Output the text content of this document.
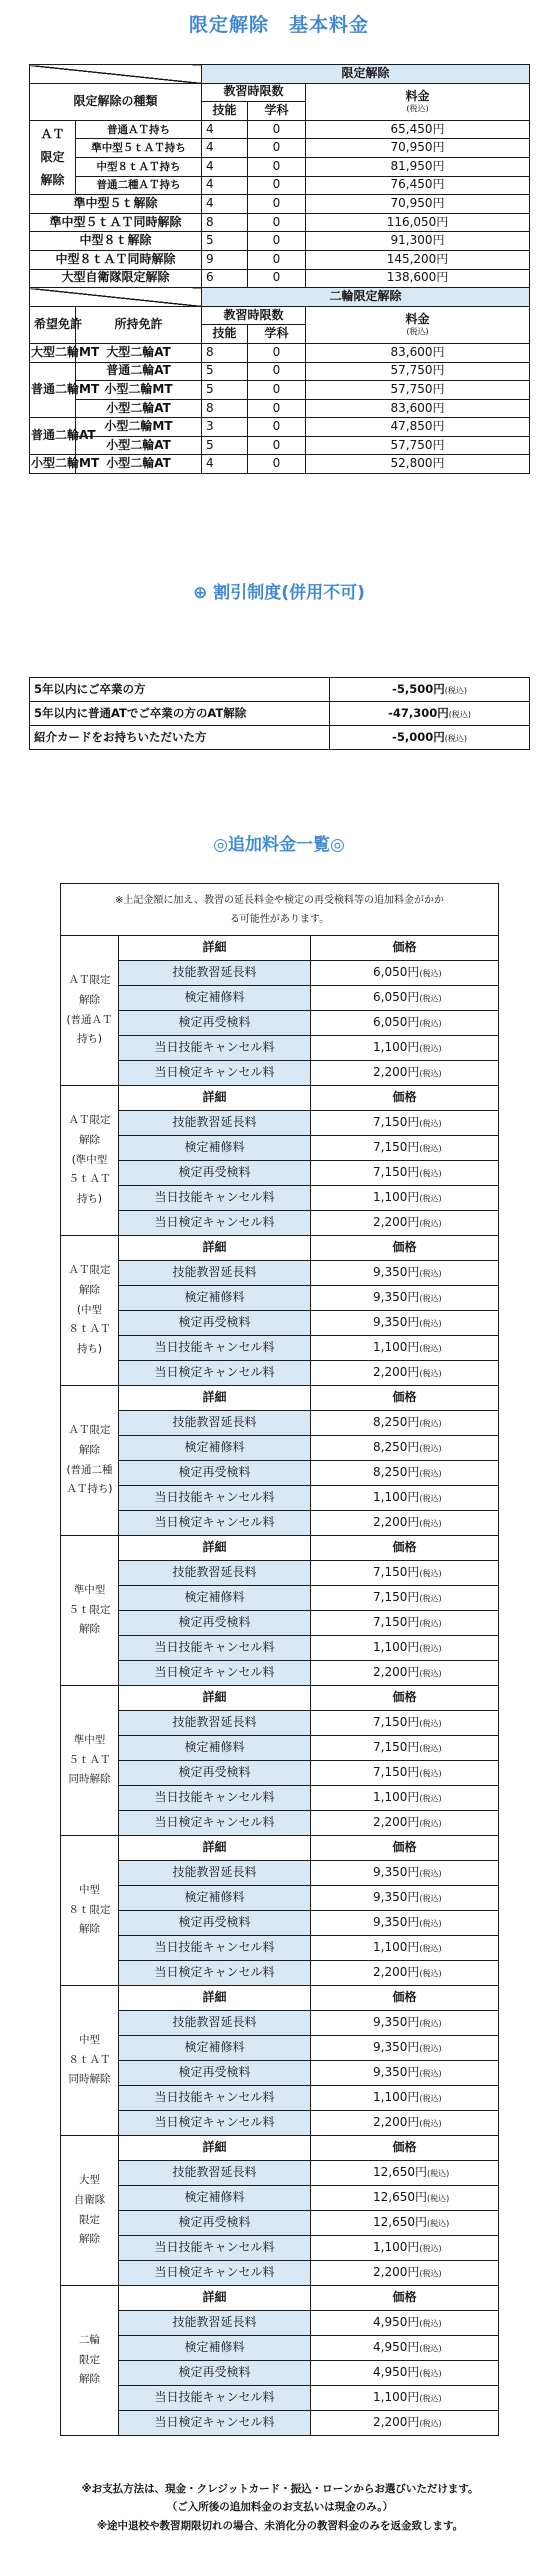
限定解除　基本料金
		限定解除		
限定解除の種類		教習時限数		料金
(税込)

		技能	学科	
ＡＴ
限定
解除	普通ＡＴ持ち	4	0	65,450円
	準中型５ｔＡＴ持ち	4	0	70,950円
	中型８ｔＡＴ持ち	4	0	81,950円
	普通二種ＡＴ持ち	4	0	76,450円
準中型５ｔ解除		4	0	70,950円
準中型５ｔＡＴ同時解除		8	0	116,050円
中型８ｔ解除		5	0	91,300円
中型８ｔＡＴ同時解除		9	0	145,200円
大型自衛隊限定解除		6	0	138,600円
		二輪限定解除		
希望免許	所持免許	教習時限数		料金
(税込)

		技能	学科	
大型二輪MT	大型二輪AT	8	0	83,600円
普通二輪MT	普通二輪AT	5	0	57,750円
	小型二輪MT	5	0	57,750円
	小型二輪AT	8	0	83,600円
普通二輪AT	小型二輪MT	3	0	47,850円
	小型二輪AT	5	0	57,750円
小型二輪MT	小型二輪AT	4	0	52,800円
⊕ 割引制度(併用不可)
5年以内にご卒業の方	-5,500円(税込)
5年以内に普通ATでご卒業の方のAT解除	-47,300円(税込)
紹介カードをお持ちいただいた方	-5,000円(税込)
◎追加料金一覧◎
※上記金額に加え、教習の延長料金や検定の再受検料等の追加料金がかかる可能性があります。		
ＡＴ限定
解除
(普通ＡＴ
持ち)	詳細	価格
	技能教習延長料	6,050円(税込)
	検定補修料	6,050円(税込)
	検定再受検料	6,050円(税込)
	当日技能キャンセル料	1,100円(税込)
	当日検定キャンセル料	2,200円(税込)
ＡＴ限定
解除
(準中型
５ｔＡＴ
持ち)	詳細	価格
	技能教習延長料	7,150円(税込)
	検定補修料	7,150円(税込)
	検定再受検料	7,150円(税込)
	当日技能キャンセル料	1,100円(税込)
	当日検定キャンセル料	2,200円(税込)
ＡＴ限定
解除
(中型
８ｔＡＴ
持ち)	詳細	価格
	技能教習延長料	9,350円(税込)
	検定補修料	9,350円(税込)
	検定再受検料	9,350円(税込)
	当日技能キャンセル料	1,100円(税込)
	当日検定キャンセル料	2,200円(税込)
ＡＴ限定
解除
(普通二種
ＡＴ持ち)	詳細	価格
	技能教習延長料	8,250円(税込)
	検定補修料	8,250円(税込)
	検定再受検料	8,250円(税込)
	当日技能キャンセル料	1,100円(税込)
	当日検定キャンセル料	2,200円(税込)
準中型
５ｔ限定
解除	詳細	価格
	技能教習延長料	7,150円(税込)
	検定補修料	7,150円(税込)
	検定再受検料	7,150円(税込)
	当日技能キャンセル料	1,100円(税込)
	当日検定キャンセル料	2,200円(税込)
準中型
５ｔＡＴ
同時解除	詳細	価格
	技能教習延長料	7,150円(税込)
	検定補修料	7,150円(税込)
	検定再受検料	7,150円(税込)
	当日技能キャンセル料	1,100円(税込)
	当日検定キャンセル料	2,200円(税込)
中型
８ｔ限定
解除	詳細	価格
	技能教習延長料	9,350円(税込)
	検定補修料	9,350円(税込)
	検定再受検料	9,350円(税込)
	当日技能キャンセル料	1,100円(税込)
	当日検定キャンセル料	2,200円(税込)
中型
８ｔＡＴ
同時解除	詳細	価格
	技能教習延長料	9,350円(税込)
	検定補修料	9,350円(税込)
	検定再受検料	9,350円(税込)
	当日技能キャンセル料	1,100円(税込)
	当日検定キャンセル料	2,200円(税込)
大型
自衛隊
限定
解除	詳細	価格
	技能教習延長料	12,650円(税込)
	検定補修料	12,650円(税込)
	検定再受検料	12,650円(税込)
	当日技能キャンセル料	1,100円(税込)
	当日検定キャンセル料	2,200円(税込)
二輪
限定
解除	詳細	価格
	技能教習延長料	4,950円(税込)
	検定補修料	4,950円(税込)
	検定再受検料	4,950円(税込)
	当日技能キャンセル料	1,100円(税込)
	当日検定キャンセル料	2,200円(税込)
※お支払方法は、現金・クレジットカード・振込・ローンからお選びいただけます。
（ご入所後の追加料金のお支払いは現金のみ。）
※途中退校や教習期限切れの場合、未消化分の教習料金のみを返金致します。
